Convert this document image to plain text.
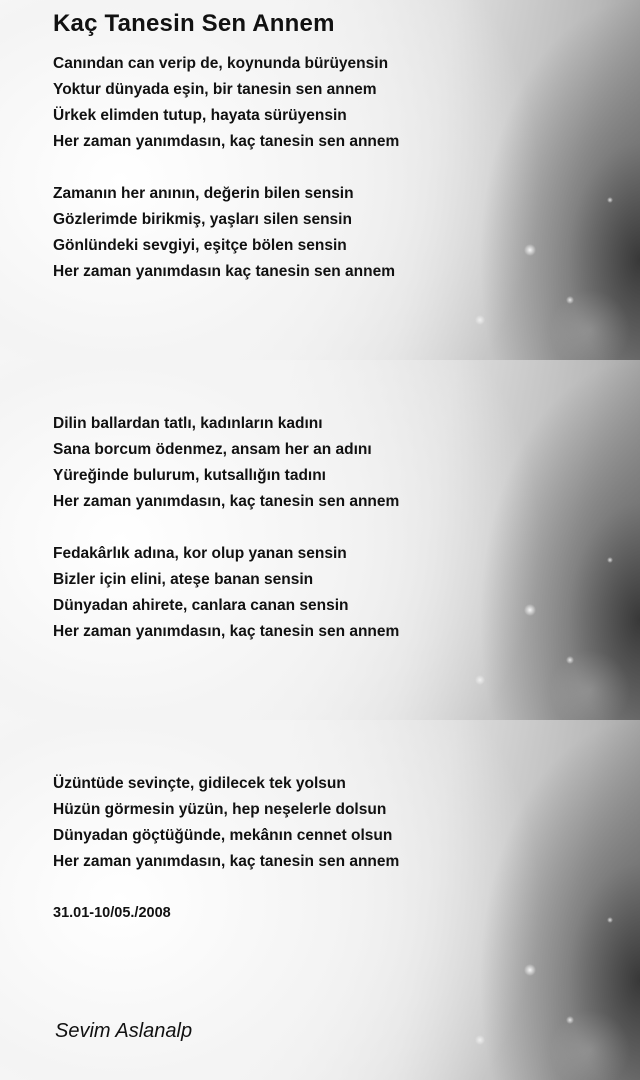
Kaç Tanesin Sen Annem
Canından can verip de, koynunda bürüyensin
Yoktur dünyada eşin, bir tanesin sen annem
Ürkek elimden tutup, hayata sürüyensin
Her zaman yanımdasın, kaç tanesin sen annem
Zamanın her anının, değerin bilen sensin
Gözlerimde birikmiş, yaşları silen sensin
Gönlündeki sevgiyi, eşitçe bölen sensin
Her zaman yanımdasın kaç tanesin sen annem
Dilin ballardan tatlı, kadınların kadını
Sana borcum ödenmez, ansam her an adını
Yüreğinde bulurum, kutsallığın tadını
Her zaman yanımdasın, kaç tanesin sen annem
Fedakârlık adına, kor olup yanan sensin
Bizler için elini, ateşe banan sensin
Dünyadan ahirete, canlara canan sensin
Her zaman yanımdasın, kaç tanesin sen annem
Üzüntüde sevinçte, gidilecek tek yolsun
Hüzün görmesin yüzün, hep neşelerle dolsun
Dünyadan göçtüğünde, mekânın cennet olsun
Her zaman yanımdasın, kaç tanesin sen annem
31.01-10/05./2008
Sevim Aslanalp
